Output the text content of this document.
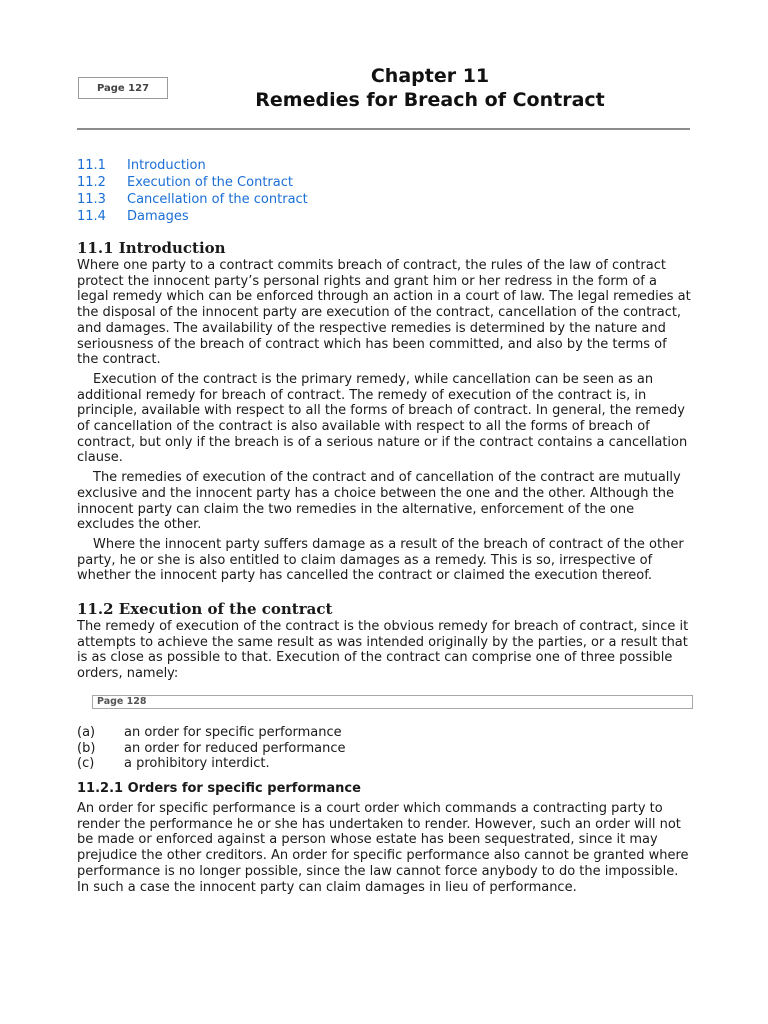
Page 127
Chapter 11
Remedies for Breach of Contract
11.1	Introduction
11.2	Execution of the Contract
11.3	Cancellation of the contract
11.4	Damages
11.1 Introduction

Where one party to a contract commits breach of contract, the rules of the law of contract protect the innocent party’s personal rights and grant him or her redress in the form of a legal remedy which can be enforced through an action in a court of law. The legal remedies at the disposal of the innocent party are execution of the contract, cancellation of the contract, and damages. The availability of the respective remedies is determined by the nature and seriousness of the breach of contract which has been committed, and also by the terms of the contract.

Execution of the contract is the primary remedy, while cancellation can be seen as an additional remedy for breach of contract. The remedy of execution of the contract is, in principle, available with respect to all the forms of breach of contract. In general, the remedy of cancellation of the contract is also available with respect to all the forms of breach of contract, but only if the breach is of a serious nature or if the contract contains a cancellation clause.

The remedies of execution of the contract and of cancellation of the contract are mutually exclusive and the innocent party has a choice between the one and the other. Although the innocent party can claim the two remedies in the alternative, enforcement of the one excludes the other.

Where the innocent party suffers damage as a result of the breach of contract of the other party, he or she is also entitled to claim damages as a remedy. This is so, irrespective of whether the innocent party has cancelled the contract or claimed the execution thereof.

11.2 Execution of the contract

The remedy of execution of the contract is the obvious remedy for breach of contract, since it attempts to achieve the same result as was intended originally by the parties, or a result that is as close as possible to that. Execution of the contract can comprise one of three possible orders, namely:

Page 128
(a)	an order for specific performance
(b)	an order for reduced performance
(c)	a prohibitory interdict.
11.2.1 Orders for specific performance

An order for specific performance is a court order which commands a contracting party to render the performance he or she has undertaken to render. However, such an order will not be made or enforced against a person whose estate has been sequestrated, since it may prejudice the other creditors. An order for specific performance also cannot be granted where performance is no longer possible, since the law cannot force anybody to do the impossible. In such a case the innocent party can claim damages in lieu of performance.
